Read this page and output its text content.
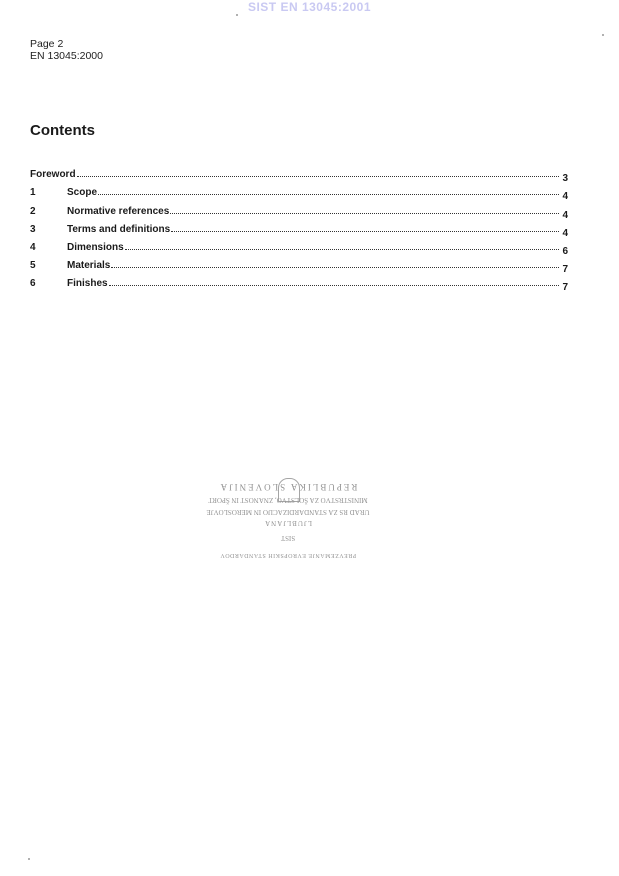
SIST EN 13045:2001
Page 2
EN 13045:2000
Contents
Foreword	3
1	Scope	4
2	Normative references	4
3	Terms and definitions	4
4	Dimensions	6
5	Materials	7
6	Finishes	7
REPUBLIKA SLOVENIJA
MINISTRSTVO ZA ŠOLSTVO, ZNANOST IN ŠPORT
URAD RS ZA STANDARDIZACIJO IN MEROSLOVJE
LJUBLJANA
SIST
PREVZEMANJE EVROPSKIH STANDARDOV
